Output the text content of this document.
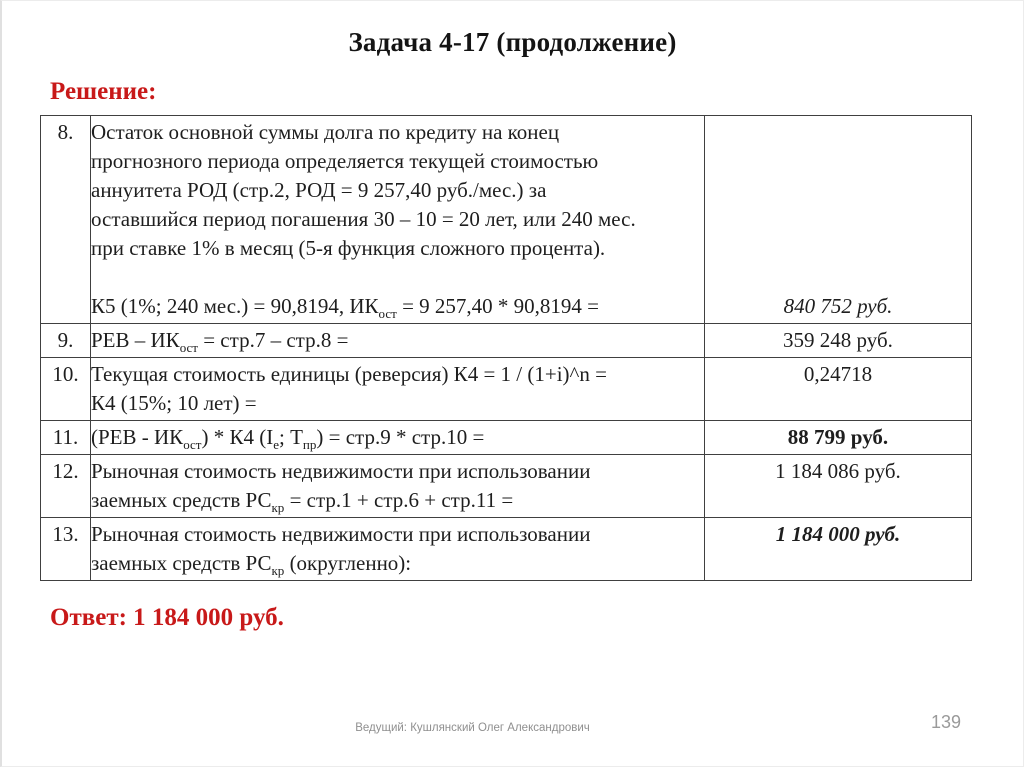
Задача 4-17 (продолжение)
Решение:
8.	Остаток основной суммы долга по кредиту на конец
прогнозного периода определяется текущей стоимостью
аннуитета РОД (стр.2, РОД = 9 257,40 руб./мес.) за
оставшийся период погашения 30 – 10 = 20 лет, или 240 мес.
при ставке 1% в месяц (5-я функция сложного процента).
К5 (1%; 240 мес.) = 90,8194, $ИК_{ост} = 9$ 257,40 * 90,8194 =	840 752 руб.
9.	РЕВ – $ИК_{ост} = стр.7 - стр.8$ =	359 248 руб.
10.	Текущая стоимость единицы (реверсия) К4 = 1 / (1+i)^n =
К4 (15%; 10 лет) =	0,24718
11.	$(РЕВ - ИК_{ост}) * К4$ ($I_e$; $Т_{пр}) = стр.9 * стр.10$ =	88 799 руб.
12.	Рыночная стоимость недвижимости при использовании
заемных средств $РС_{кр} = стр.1 + стр.6 + стр.11$ =	1 184 086 руб.
13.	Рыночная стоимость недвижимости при использовании
заемных средств $РС_{кр}$ (округленно):	1 184 000 руб.
Ответ: 1 184 000 руб.
Ведущий: Кушлянский Олег Александрович	139
